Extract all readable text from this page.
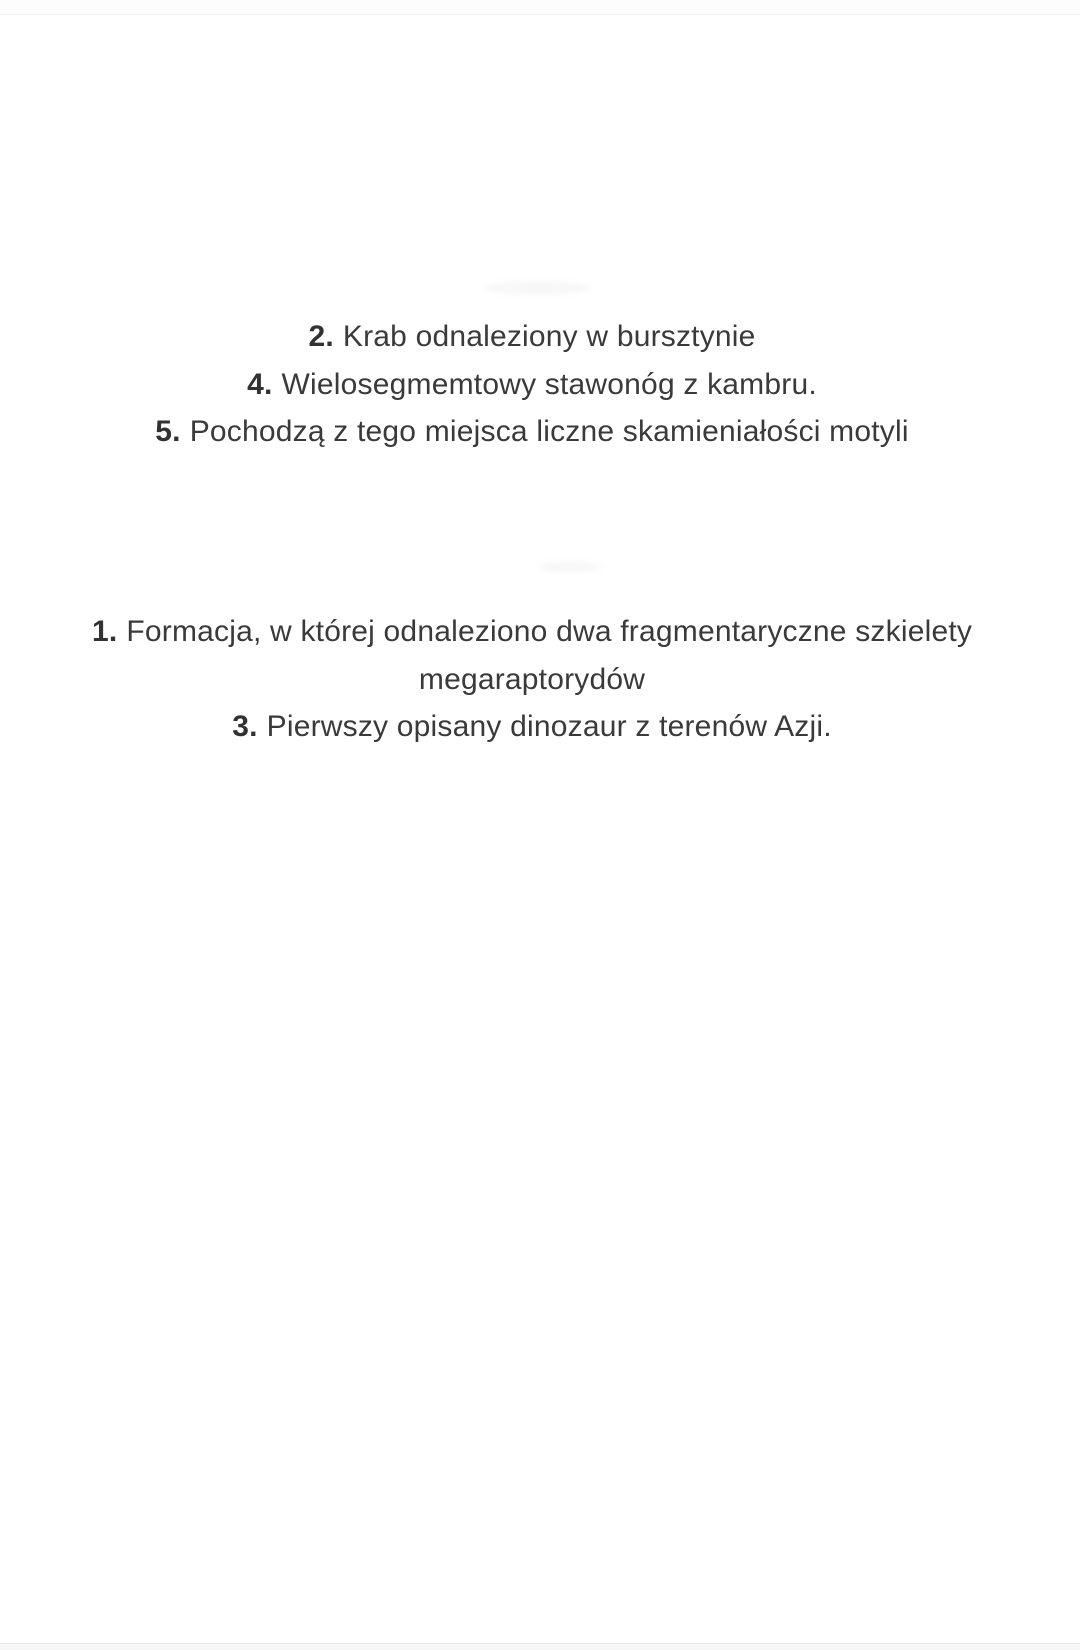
2. Krab odnaleziony w bursztynie
4. Wielosegmemtowy stawonóg z kambru.
5. Pochodzą z tego miejsca liczne skamieniałości motyli
1. Formacja, w której odnaleziono dwa fragmentaryczne szkielety megaraptorydów
3. Pierwszy opisany dinozaur z terenów Azji.
